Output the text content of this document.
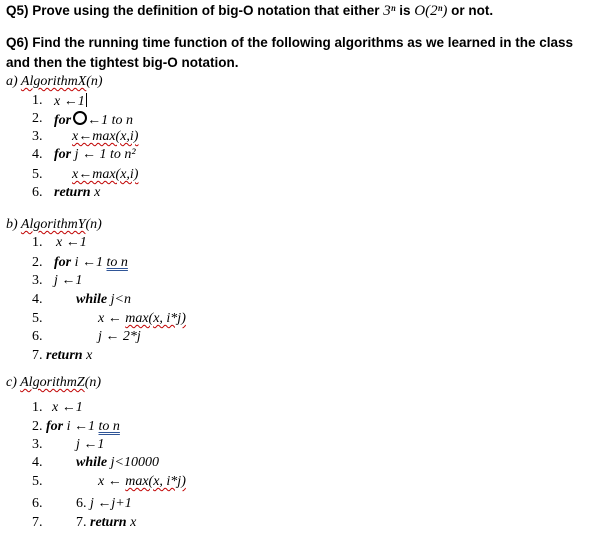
Q5) Prove using the definition of big-O notation that either 3ⁿ is O(2ⁿ) or not.
Q6) Find the running time function of the following algorithms as we learned in the class
and then the tightest big-O notation.
a) AlgorithmX(n)
1. x ←1
2. for ←1 to n
3. x←max(x,i)
4. for j ← 1 to n²
5. x←max(x,i)
6. return x
b) AlgorithmY(n)
1. x ←1
2. for i ←1 to n
3. j ←1
4. while j<n
5.	x ← max(x, i*j)
6.	j ← 2*j
7. return x
c) AlgorithmZ(n)
1. x ←1
2. for i ←1 to n
3. j ←1
4. while j<10000
5.	x ← max(x, i*j)
6. 6. j ←j+1
7. 7. return x
